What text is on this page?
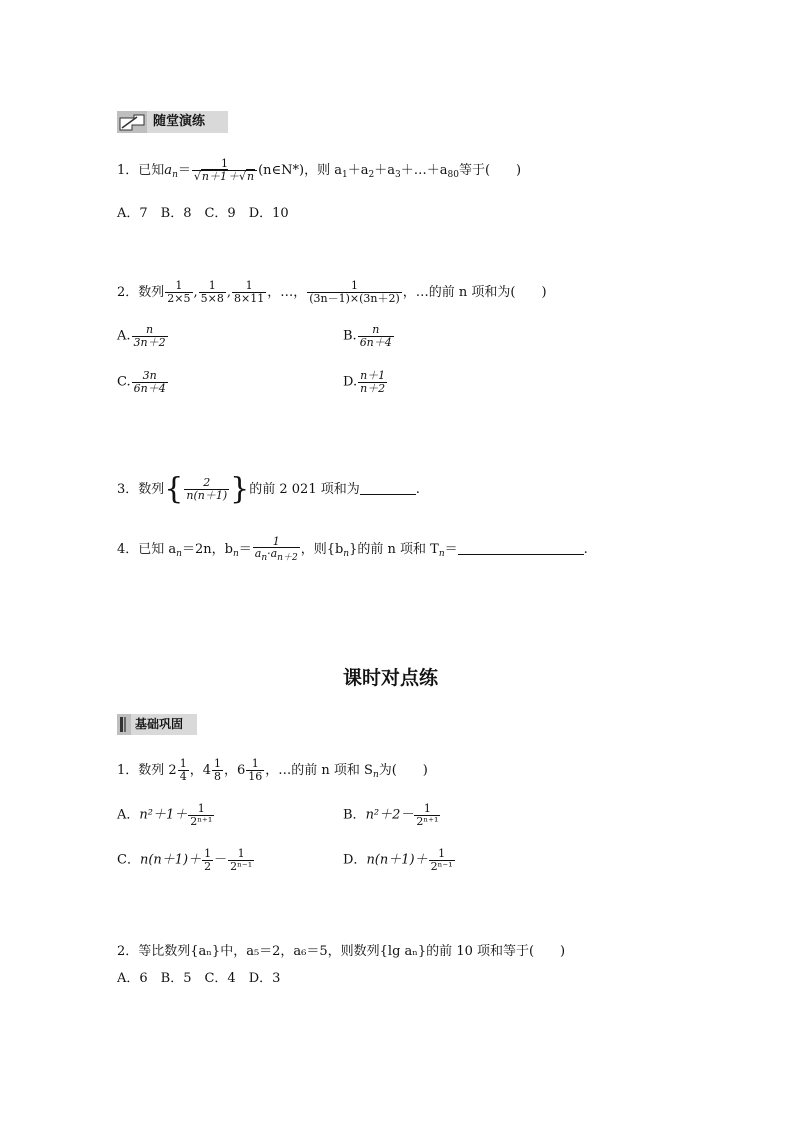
随堂演练
1．已知$a_n= \frac{1}{√n+1+√n}$ (n∈N*)，则 $a_1+a_2+a_3+\dots+a_{80}$等于(　　)
A．7　B．8　C．9　D．10
2．数列 $\frac{1}{2\times 5}$ , $\frac{1}{5\times 8}$ , $\frac{1}{8\times 11}$ ，…， $\frac{1}{(3n-1)\times(3n+2)}$ ，…的前 n 项和为(　　)
A. $\frac{n}{3n+2}$	B. $\frac{n}{6n+4}$
C. $\frac{3n}{6n+4}$	D. $\frac{n+1}{n+2}$
3．数列{ $\frac{2}{n(n+1)}$ }的前 2 021 项和为	.
4．已知 $a_n=2n$，$b_n= \frac{1}{a_n\cdot a_{n+2}}$ ，则$\{b_n\}$的前 n 项和 $T_n=$	.
课时对点练
基础巩固
1．数列 $2 \frac{1}{4}$ ，$4 \frac{1}{8}$ ，$6 \frac{1}{16}$ ，…的前 n 项和 $S_n$为(　　)
A．$n^2+1+ \frac{1}{\text{2ⁿ⁺¹}}$	B．$n^2+2- \frac{1}{\text{2ⁿ⁺¹}}$
C．$n(n+1)+ \frac{1}{2} - \frac{1}{\text{2ⁿ⁻¹}}$	D．$n(n+1)+ \frac{1}{\text{2ⁿ⁻¹}}$
2．等比数列{aₙ}中，a₅＝2，a₆＝5，则数列{lg aₙ}的前 10 项和等于(　　)
A．6　B．5　C．4　D．3
